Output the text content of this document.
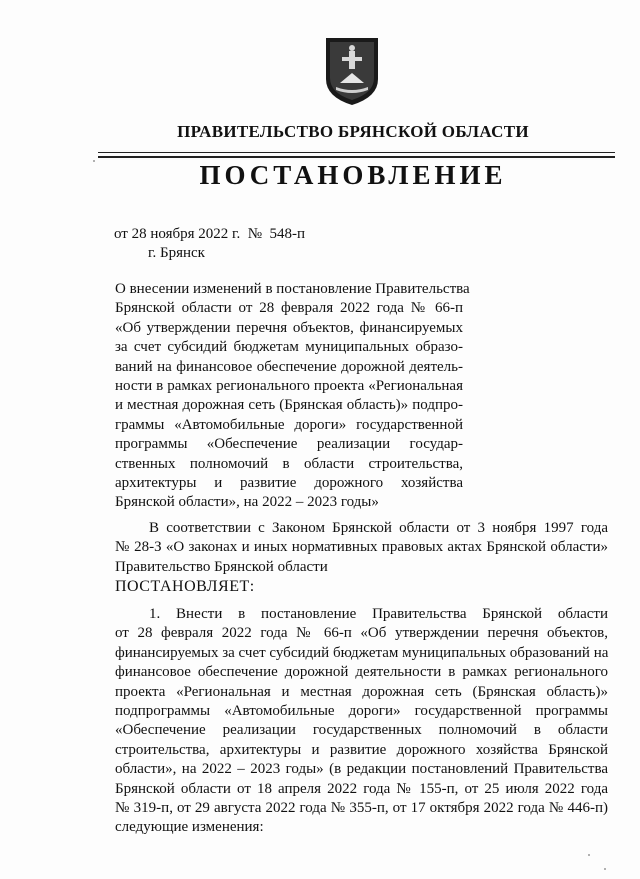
ПРАВИТЕЛЬСТВО БРЯНСКОЙ ОБЛАСТИ
ПОСТАНОВЛЕНИЕ
от 28 ноября 2022 г.  №  548-п
г. Брянск
О внесении изменений в постановление Правительства
Брянской области от 28 февраля 2022 года № 66-п
«Об утверждении перечня объектов, финансируемых
за счет субсидий бюджетам муниципальных образо-
ваний на финансовое обеспечение дорожной деятель-
ности в рамках регионального проекта «Региональная
и местная дорожная сеть (Брянская область)» подпро-
граммы «Автомобильные дороги» государственной
программы «Обеспечение реализации государ-
ственных полномочий в области строительства,
архитектуры и развитие дорожного хозяйства
Брянской области», на 2022 – 2023 годы»
В соответствии с Законом Брянской области от 3 ноября 1997 года
№ 28-З «О законах и иных нормативных правовых актах Брянской области»
Правительство Брянской области
ПОСТАНОВЛЯЕТ:
1. Внести в постановление Правительства Брянской области
от 28 февраля 2022 года № 66-п «Об утверждении перечня объектов,
финансируемых за счет субсидий бюджетам муниципальных образований на
финансовое обеспечение дорожной деятельности в рамках регионального
проекта «Региональная и местная дорожная сеть (Брянская область)»
подпрограммы «Автомобильные дороги» государственной программы
«Обеспечение реализации государственных полномочий в области
строительства, архитектуры и развитие дорожного хозяйства Брянской
области», на 2022 – 2023 годы» (в редакции постановлений Правительства
Брянской области от 18 апреля 2022 года № 155-п, от 25 июля 2022 года
№ 319-п, от 29 августа 2022 года № 355-п, от 17 октября 2022 года № 446-п)
следующие изменения:
